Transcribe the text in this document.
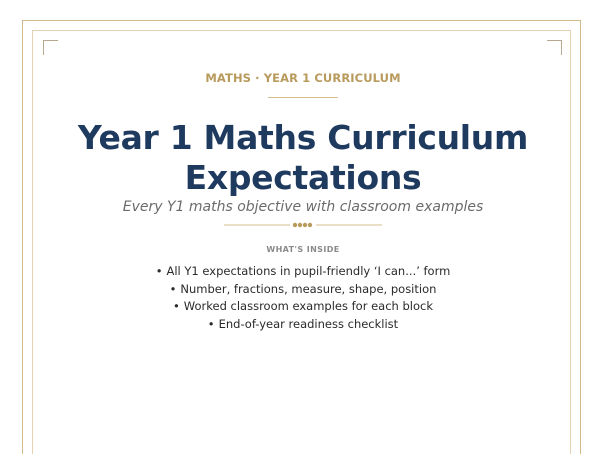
MATHS · YEAR 1 CURRICULUM
Year 1 Maths Curriculum
Expectations
Every Y1 maths objective with classroom examples
WHAT'S INSIDE
• All Y1 expectations in pupil-friendly ‘I can...’ form
• Number, fractions, measure, shape, position
• Worked classroom examples for each block
• End-of-year readiness checklist
